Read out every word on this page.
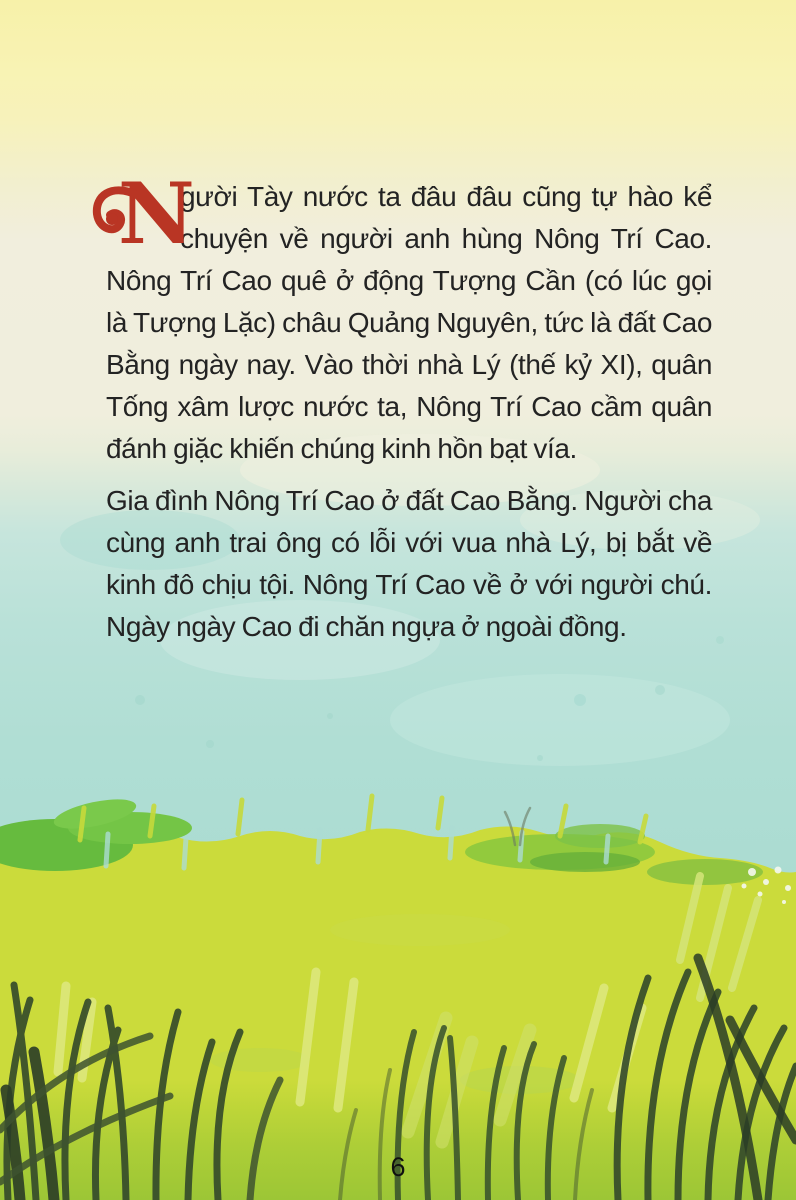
N
gười Tày nước ta đâu đâu cũng tự hào kể
chuyện về người anh hùng Nông Trí Cao.
Nông Trí Cao quê ở động Tượng Cần (có lúc gọi
là Tượng Lặc) châu Quảng Nguyên, tức là đất Cao
Bằng ngày nay. Vào thời nhà Lý (thế kỷ XI), quân
Tống xâm lược nước ta, Nông Trí Cao cầm quân
đánh giặc khiến chúng kinh hồn bạt vía.
Gia đình Nông Trí Cao ở đất Cao Bằng. Người cha
cùng anh trai ông có lỗi với vua nhà Lý, bị bắt về
kinh đô chịu tội. Nông Trí Cao về ở với người chú.
Ngày ngày Cao đi chăn ngựa ở ngoài đồng.
6
